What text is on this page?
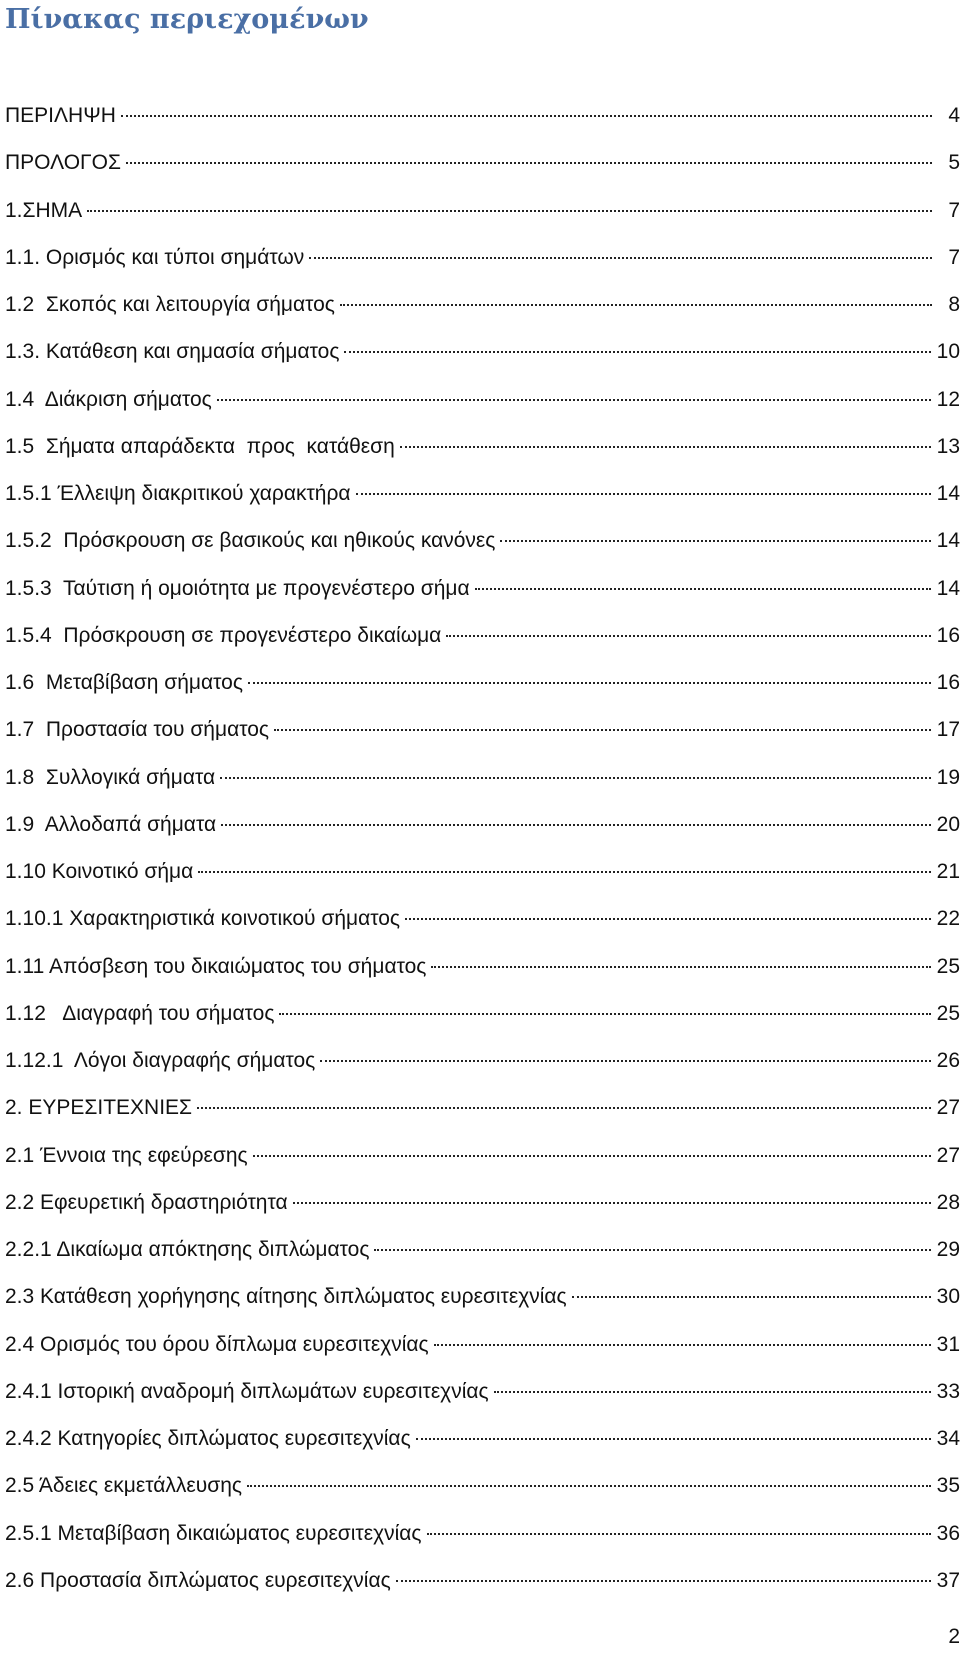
Πίνακας περιεχομένων
ΠΕΡΙΛΗΨΗ	4
ΠΡΟΛΟΓΟΣ	5
1.ΣΗΜΑ	7
1.1. Ορισμός και τύποι σημάτων	7
1.2  Σκοπός και λειτουργία σήματος	8
1.3. Κατάθεση και σημασία σήματος	10
1.4  Διάκριση σήματος	12
1.5  Σήματα απαράδεκτα  προς  κατάθεση	13
1.5.1 Έλλειψη διακριτικού χαρακτήρα	14
1.5.2  Πρόσκρουση σε βασικούς και ηθικούς κανόνες	14
1.5.3  Ταύτιση ή ομοιότητα με προγενέστερο σήμα	14
1.5.4  Πρόσκρουση σε προγενέστερο δικαίωμα	16
1.6  Μεταβίβαση σήματος	16
1.7  Προστασία του σήματος	17
1.8  Συλλογικά σήματα	19
1.9  Αλλοδαπά σήματα	20
1.10 Κοινοτικό σήμα	21
1.10.1 Χαρακτηριστικά κοινοτικού σήματος	22
1.11 Απόσβεση του δικαιώματος του σήματος	25
1.12   Διαγραφή του σήματος	25
1.12.1  Λόγοι διαγραφής σήματος	26
2. ΕΥΡΕΣΙΤΕΧΝΙΕΣ	27
2.1 Έννοια της εφεύρεσης	27
2.2 Εφευρετική δραστηριότητα	28
2.2.1 Δικαίωμα απόκτησης διπλώματος	29
2.3 Κατάθεση χορήγησης αίτησης διπλώματος ευρεσιτεχνίας	30
2.4 Ορισμός του όρου δίπλωμα ευρεσιτεχνίας	31
2.4.1 Ιστορική αναδρομή διπλωμάτων ευρεσιτεχνίας	33
2.4.2 Κατηγορίες διπλώματος ευρεσιτεχνίας	34
2.5 Άδειες εκμετάλλευσης	35
2.5.1 Μεταβίβαση δικαιώματος ευρεσιτεχνίας	36
2.6 Προστασία διπλώματος ευρεσιτεχνίας	37
2
